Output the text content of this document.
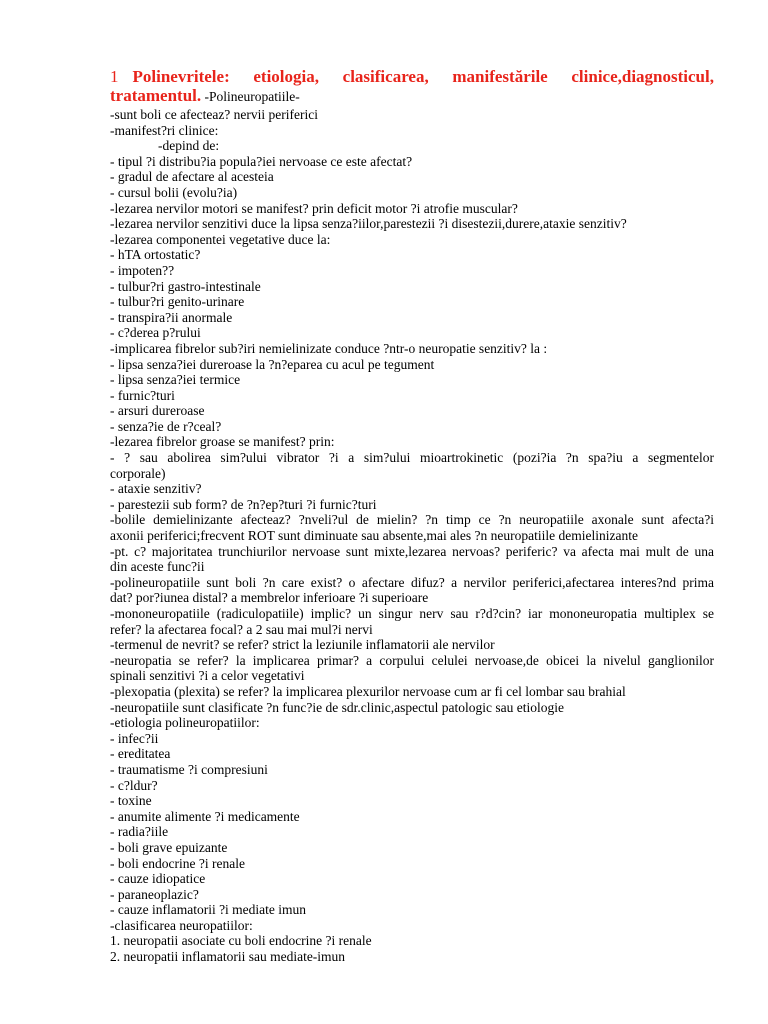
1 Polinevritele: etiologia, clasificarea, manifestările clinice,diagnosticul,

tratamentul. -Polineuropatiile-

-sunt boli ce afecteaz? nervii periferici

-manifest?ri clinice:

-depind de:

- tipul ?i distribu?ia popula?iei nervoase ce este afectat?

- gradul de afectare al acesteia

- cursul bolii (evolu?ia)

-lezarea nervilor motori se manifest? prin deficit motor ?i atrofie muscular?

-lezarea nervilor senzitivi duce la lipsa senza?iilor,parestezii ?i disestezii,durere,ataxie senzitiv?

-lezarea componentei vegetative duce la:

- hTA ortostatic?

- impoten??

- tulbur?ri gastro-intestinale

- tulbur?ri genito-urinare

- transpira?ii anormale

- c?derea p?rului

-implicarea fibrelor sub?iri nemielinizate conduce ?ntr-o neuropatie senzitiv? la :

- lipsa senza?iei dureroase la ?n?eparea cu acul pe tegument

- lipsa senza?iei termice

- furnic?turi

- arsuri dureroase

- senza?ie de r?ceal?

-lezarea fibrelor groase se manifest? prin:

- ? sau abolirea sim?ului vibrator ?i a sim?ului mioartrokinetic (pozi?ia ?n spa?iu a segmentelor

corporale)

- ataxie senzitiv?

- parestezii sub form? de ?n?ep?turi ?i furnic?turi

-bolile demielinizante afecteaz? ?nveli?ul de mielin? ?n timp ce ?n neuropatiile axonale sunt afecta?i

axonii periferici;frecvent ROT sunt diminuate sau absente,mai ales ?n neuropatiile demielinizante

-pt. c? majoritatea trunchiurilor nervoase sunt mixte,lezarea nervoas? periferic? va afecta mai mult de una

din aceste func?ii

-polineuropatiile sunt boli ?n care exist? o afectare difuz? a nervilor periferici,afectarea interes?nd prima

dat? por?iunea distal? a membrelor inferioare ?i superioare

-mononeuropatiile (radiculopatiile) implic? un singur nerv sau r?d?cin? iar mononeuropatia multiplex se

refer? la afectarea focal? a 2 sau mai mul?i nervi

-termenul de nevrit? se refer? strict la leziunile inflamatorii ale nervilor

-neuropatia se refer? la implicarea primar? a corpului celulei nervoase,de obicei la nivelul ganglionilor

spinali senzitivi ?i a celor vegetativi

-plexopatia (plexita) se refer? la implicarea plexurilor nervoase cum ar fi cel lombar sau brahial

-neuropatiile sunt clasificate ?n func?ie de sdr.clinic,aspectul patologic sau etiologie

-etiologia polineuropatiilor:

- infec?ii

- ereditatea

- traumatisme ?i compresiuni

- c?ldur?

- toxine

- anumite alimente ?i medicamente

- radia?iile

- boli grave epuizante

- boli endocrine ?i renale

- cauze idiopatice

- paraneoplazic?

- cauze inflamatorii ?i mediate imun

-clasificarea neuropatiilor:

1. neuropatii asociate cu boli endocrine ?i renale

2. neuropatii inflamatorii sau mediate-imun
